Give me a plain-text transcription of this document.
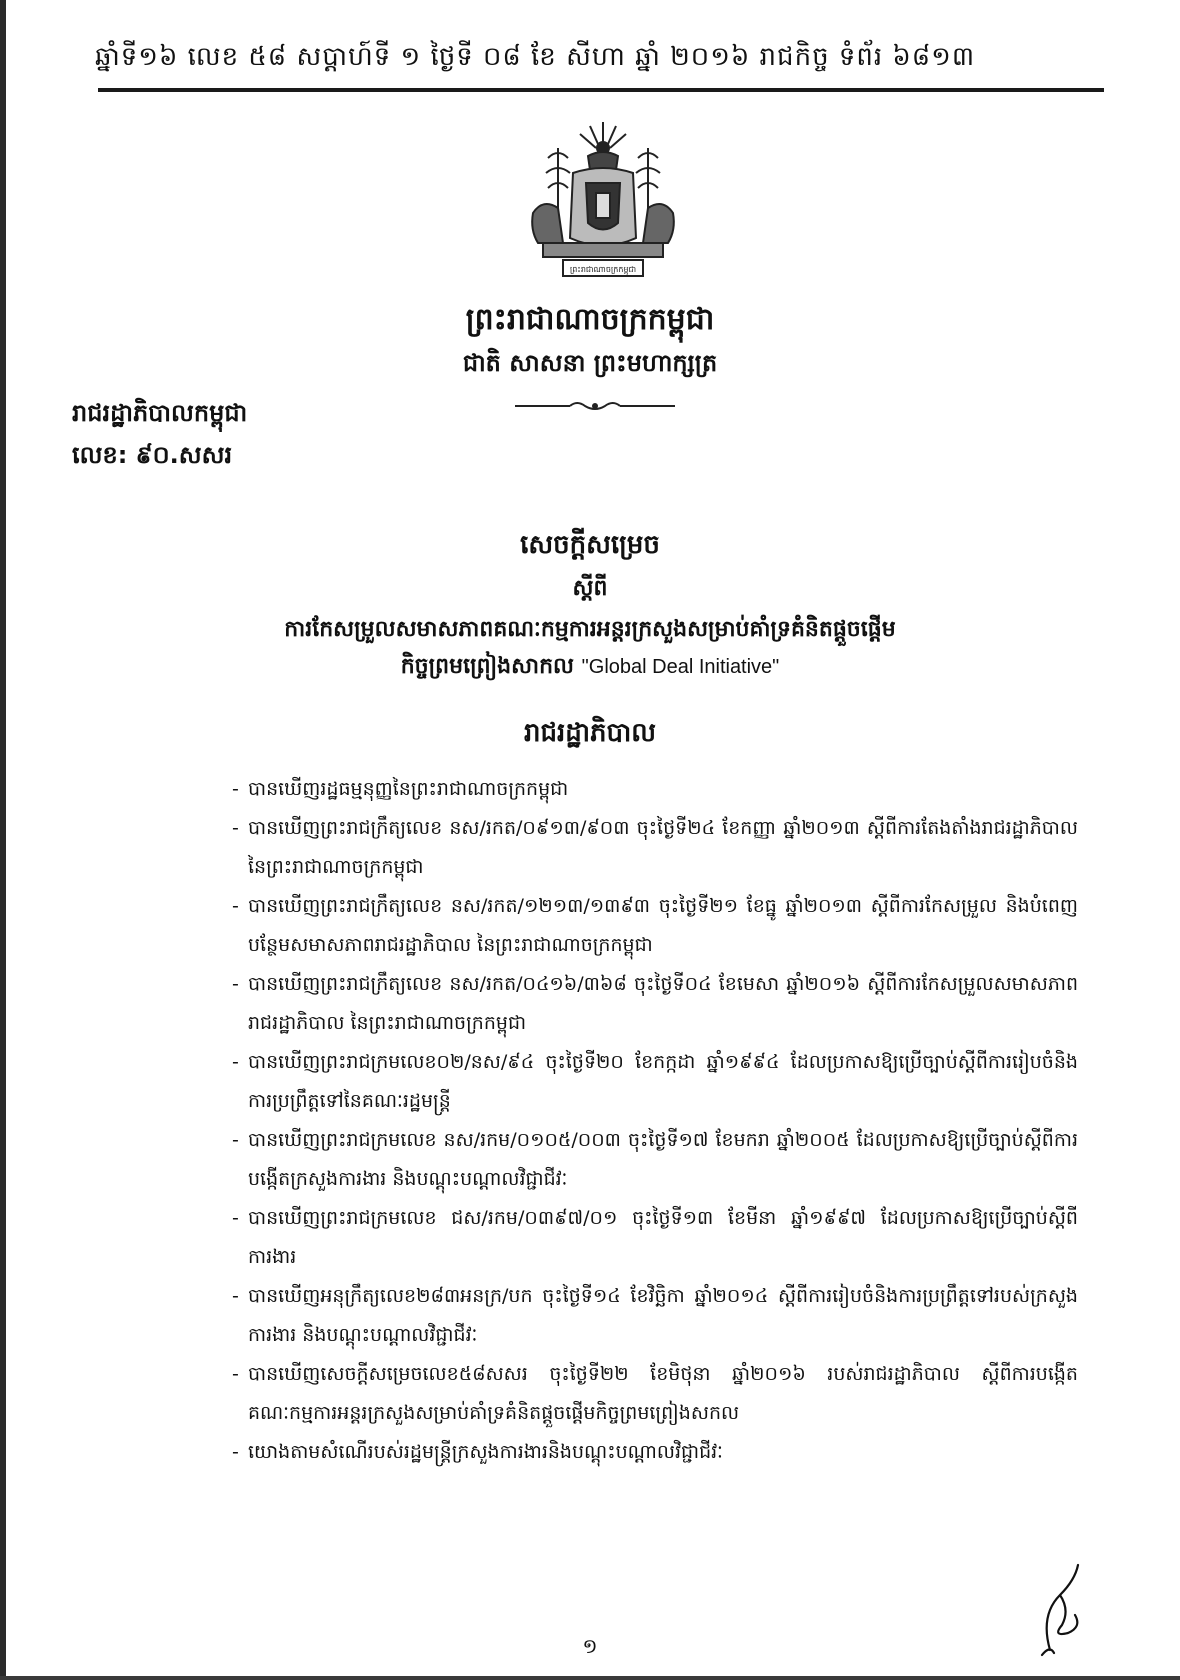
ឆ្នាំទី១៦ លេខ ៥៨ សប្ដាហ៍ទី ១ ថ្ងៃទី ០៨ ខែ សីហា ឆ្នាំ ២០១៦ រាជកិច្ច ទំព័រ ៦៨១៣
ព្រះរាជាណាចក្រកម្ពុជា
ព្រះរាជាណាចក្រកម្ពុជា
ជាតិ សាសនា ព្រះមហាក្សត្រ
រាជរដ្ឋាភិបាលកម្ពុជា
លេខ: ៩០.សសរ
សេចក្ដីសម្រេច
ស្ដីពី
ការកែសម្រួលសមាសភាពគណៈកម្មការអន្តរក្រសួងសម្រាប់គាំទ្រគំនិតផ្ដួចផ្ដើម
កិច្ចព្រមព្រៀងសាកល "Global Deal Initiative"
រាជរដ្ឋាភិបាល
- បានឃើញរដ្ឋធម្មនុញ្ញនៃព្រះរាជាណាចក្រកម្ពុជា
- បានឃើញព្រះរាជក្រឹត្យលេខ នស/រកត/០៩១៣/៩០៣ ចុះថ្ងៃទី២៤ ខែកញ្ញា ឆ្នាំ២០១៣ ស្ដីពីការតែងតាំងរាជរដ្ឋាភិបាល នៃព្រះរាជាណាចក្រកម្ពុជា
- បានឃើញព្រះរាជក្រឹត្យលេខ នស/រកត/១២១៣/១៣៩៣ ចុះថ្ងៃទី២១ ខែធ្នូ ឆ្នាំ២០១៣ ស្ដីពីការកែសម្រួល និងបំពេញបន្ថែមសមាសភាពរាជរដ្ឋាភិបាល នៃព្រះរាជាណាចក្រកម្ពុជា
- បានឃើញព្រះរាជក្រឹត្យលេខ នស/រកត/០៤១៦/៣៦៨ ចុះថ្ងៃទី០៤ ខែមេសា ឆ្នាំ២០១៦ ស្ដីពីការកែសម្រួលសមាសភាពរាជរដ្ឋាភិបាល នៃព្រះរាជាណាចក្រកម្ពុជា
- បានឃើញព្រះរាជក្រមលេខ០២/នស/៩៤ ចុះថ្ងៃទី២០ ខែកក្កដា ឆ្នាំ១៩៩៤ ដែលប្រកាសឱ្យប្រើច្បាប់ស្ដីពីការរៀបចំនិងការប្រព្រឹត្តទៅនៃគណៈរដ្ឋមន្ត្រី
- បានឃើញព្រះរាជក្រមលេខ នស/រកម/០១០៥/០០៣ ចុះថ្ងៃទី១៧ ខែមករា ឆ្នាំ២០០៥ ដែលប្រកាសឱ្យប្រើច្បាប់ស្ដីពីការបង្កើតក្រសួងការងារ និងបណ្ដុះបណ្ដាលវិជ្ជាជីវៈ
- បានឃើញព្រះរាជក្រមលេខ ជស/រកម/០៣៩៧/០១ ចុះថ្ងៃទី១៣ ខែមីនា ឆ្នាំ១៩៩៧ ដែលប្រកាសឱ្យប្រើច្បាប់ស្ដីពីការងារ
- បានឃើញអនុក្រឹត្យលេខ២៨៣អនក្រ/បក ចុះថ្ងៃទី១៤ ខែវិច្ឆិកា ឆ្នាំ២០១៤ ស្ដីពីការរៀបចំនិងការប្រព្រឹត្តទៅរបស់ក្រសួងការងារ និងបណ្ដុះបណ្ដាលវិជ្ជាជីវៈ
- បានឃើញសេចក្ដីសម្រេចលេខ៥៨សសរ ចុះថ្ងៃទី២២ ខែមិថុនា ឆ្នាំ២០១៦ របស់រាជរដ្ឋាភិបាល ស្ដីពីការបង្កើតគណៈកម្មការអន្តរក្រសួងសម្រាប់គាំទ្រគំនិតផ្ដួចផ្ដើមកិច្ចព្រមព្រៀងសកល
- យោងតាមសំណើរបស់រដ្ឋមន្ត្រីក្រសួងការងារនិងបណ្ដុះបណ្ដាលវិជ្ជាជីវៈ
១
